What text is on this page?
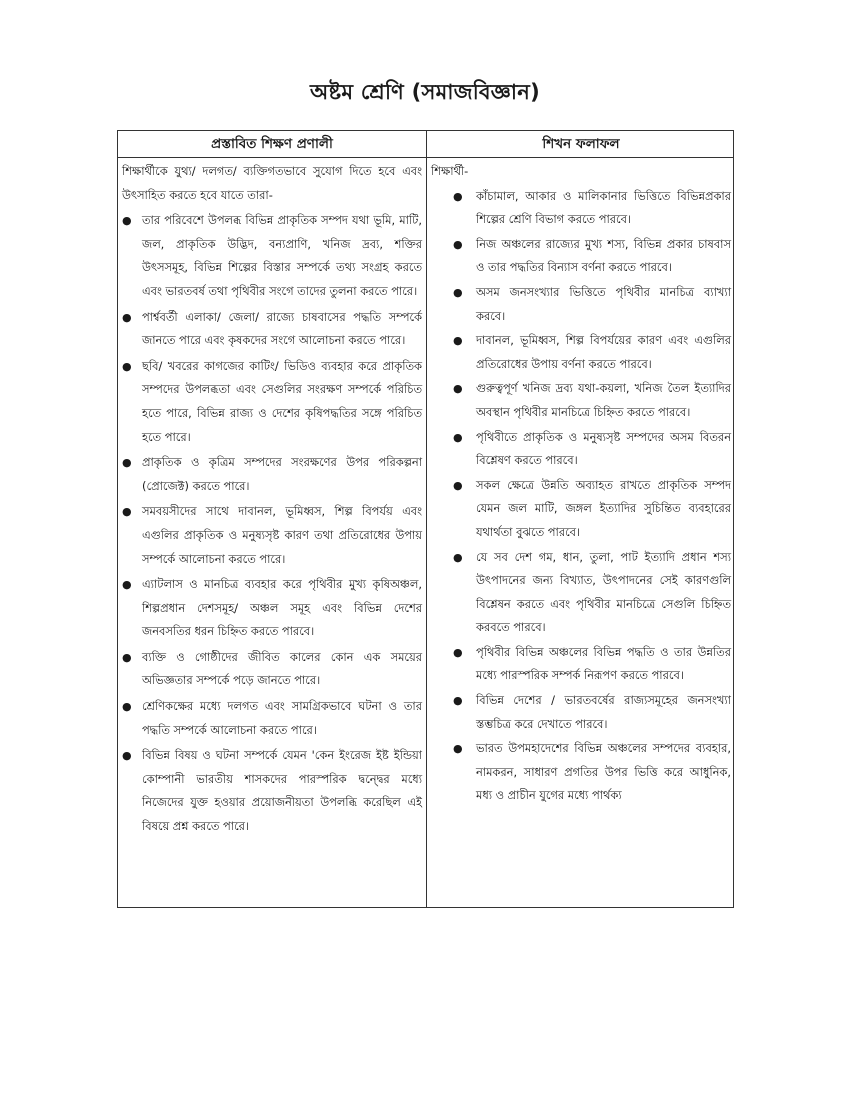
অষ্টম শ্রেণি (সমাজবিজ্ঞান)
প্রস্তাবিত শিক্ষণ প্রণালী	শিখন ফলাফল

শিক্ষার্থীকে যুথ্য/ দলগত/ ব্যক্তিগতভাবে সুযোগ দিতে হবে এবং উৎসাহিত করতে হবে যাতে তারা-

● তার পরিবেশে উপলব্ধ বিভিন্ন প্রাকৃতিক সম্পদ যথা ভূমি, মাটি, জল, প্রাকৃতিক উদ্ভিদ, বন্যপ্রাণি, খনিজ দ্রব্য, শক্তির উৎসসমূহ, বিভিন্ন শিল্পের বিস্তার সম্পর্কে তথ্য সংগ্রহ করতে এবং ভারতবর্ষ তথা পৃথিবীর সংগে তাদের তুলনা করতে পারে।
● পার্শ্ববর্তী এলাকা/ জেলা/ রাজ্যে চাষবাসের পদ্ধতি সম্পর্কে জানতে পারে এবং কৃষকদের সংগে আলোচনা করতে পারে।
● ছবি/ খবরের কাগজের কাটিং/ ভিডিও ব্যবহার করে প্রাকৃতিক সম্পদের উপলব্ধতা এবং সেগুলির সংরক্ষণ সম্পর্কে পরিচিত হতে পারে, বিভিন্ন রাজ্য ও দেশের কৃষিপদ্ধতির সঙ্গে পরিচিত হতে পারে।
● প্রাকৃতিক ও কৃত্রিম সম্পদের সংরক্ষণের উপর পরিকল্পনা (প্রোজেক্ট) করতে পারে।
● সমবয়সীদের সাথে দাবানল, ভূমিধ্বস, শিল্প বিপর্যয় এবং এগুলির প্রাকৃতিক ও মনুষ্যসৃষ্ট কারণ তথা প্রতিরোধের উপায় সম্পর্কে আলোচনা করতে পারে।
● এ্যাটলাস ও মানচিত্র ব্যবহার করে পৃথিবীর মুখ্য কৃষিঅঞ্চল, শিল্পপ্রধান দেশসমূহ/ অঞ্চল সমূহ এবং বিভিন্ন দেশের জনবসতির ধরন চিহ্নিত করতে পারবে।
● ব্যক্তি ও গোষ্ঠীদের জীবিত কালের কোন এক সময়ের অভিজ্ঞতার সম্পর্কে পড়ে জানতে পারে।
● শ্রেণিকক্ষের মধ্যে দলগত এবং সামগ্রিকভাবে ঘটনা ও তার পদ্ধতি সম্পর্কে আলোচনা করতে পারে।
● বিভিন্ন বিষয় ও ঘটনা সম্পর্কে যেমন 'কেন ইংরেজ ইষ্ট ইন্ডিয়া কোম্পানী ভারতীয় শাসকদের পারস্পরিক দ্বন্দ্বের মধ্যে নিজেদের যুক্ত হওয়ার প্রয়োজনীয়তা উপলব্ধি করেছিল এই বিষয়ে প্রশ্ন করতে পারে।

শিক্ষার্থী-

● কাঁচামাল, আকার ও মালিকানার ভিত্তিতে বিভিন্নপ্রকার শিল্পের শ্রেণি বিভাগ করতে পারবে।
● নিজ অঞ্চলের রাজ্যের মুখ্য শস্য, বিভিন্ন প্রকার চাষবাস ও তার পদ্ধতির বিন্যাস বর্ণনা করতে পারবে।
● অসম জনসংখ্যার ভিত্তিতে পৃথিবীর মানচিত্র ব্যাখ্যা করবে।
● দাবানল, ভূমিধ্বস, শিল্প বিপর্যয়ের কারণ এবং এগুলির প্রতিরোধের উপায় বর্ণনা করতে পারবে।
● গুরুত্বপূর্ণ খনিজ দ্রব্য যথা-কয়লা, খনিজ তৈল ইত্যাদির অবস্থান পৃথিবীর মানচিত্রে চিহ্নিত করতে পারবে।
● পৃথিবীতে প্রাকৃতিক ও মনুষ্যসৃষ্ট সম্পদের অসম বিতরন বিশ্লেষণ করতে পারবে।
● সকল ক্ষেত্রে উন্নতি অব্যাহত রাখতে প্রাকৃতিক সম্পদ যেমন জল মাটি, জঙ্গল ইত্যাদির সুচিন্তিত ব্যবহারের যথার্থতা বুঝতে পারবে।
● যে সব দেশ গম, ধান, তুলা, পাট ইত্যাদি প্রধান শস্য উৎপাদনের জন্য বিখ্যাত, উৎপাদনের সেই কারণগুলি বিশ্লেষন করতে এবং পৃথিবীর মানচিত্রে সেগুলি চিহ্নিত করবতে পারবে।
● পৃথিবীর বিভিন্ন অঞ্চলের বিভিন্ন পদ্ধতি ও তার উন্নতির মধ্যে পারস্পরিক সম্পর্ক নিরূপণ করতে পারবে।
● বিভিন্ন দেশের / ভারতবর্ষের রাজ্যসমূহের জনসংখ্যা স্তম্ভচিত্র করে দেখাতে পারবে।
● ভারত উপমহাদেশের বিভিন্ন অঞ্চলের সম্পদের ব্যবহার, নামকরন, সাধারণ প্রগতির উপর ভিত্তি করে আধুনিক, মধ্য ও প্রাচীন যুগের মধ্যে পার্থক্য
